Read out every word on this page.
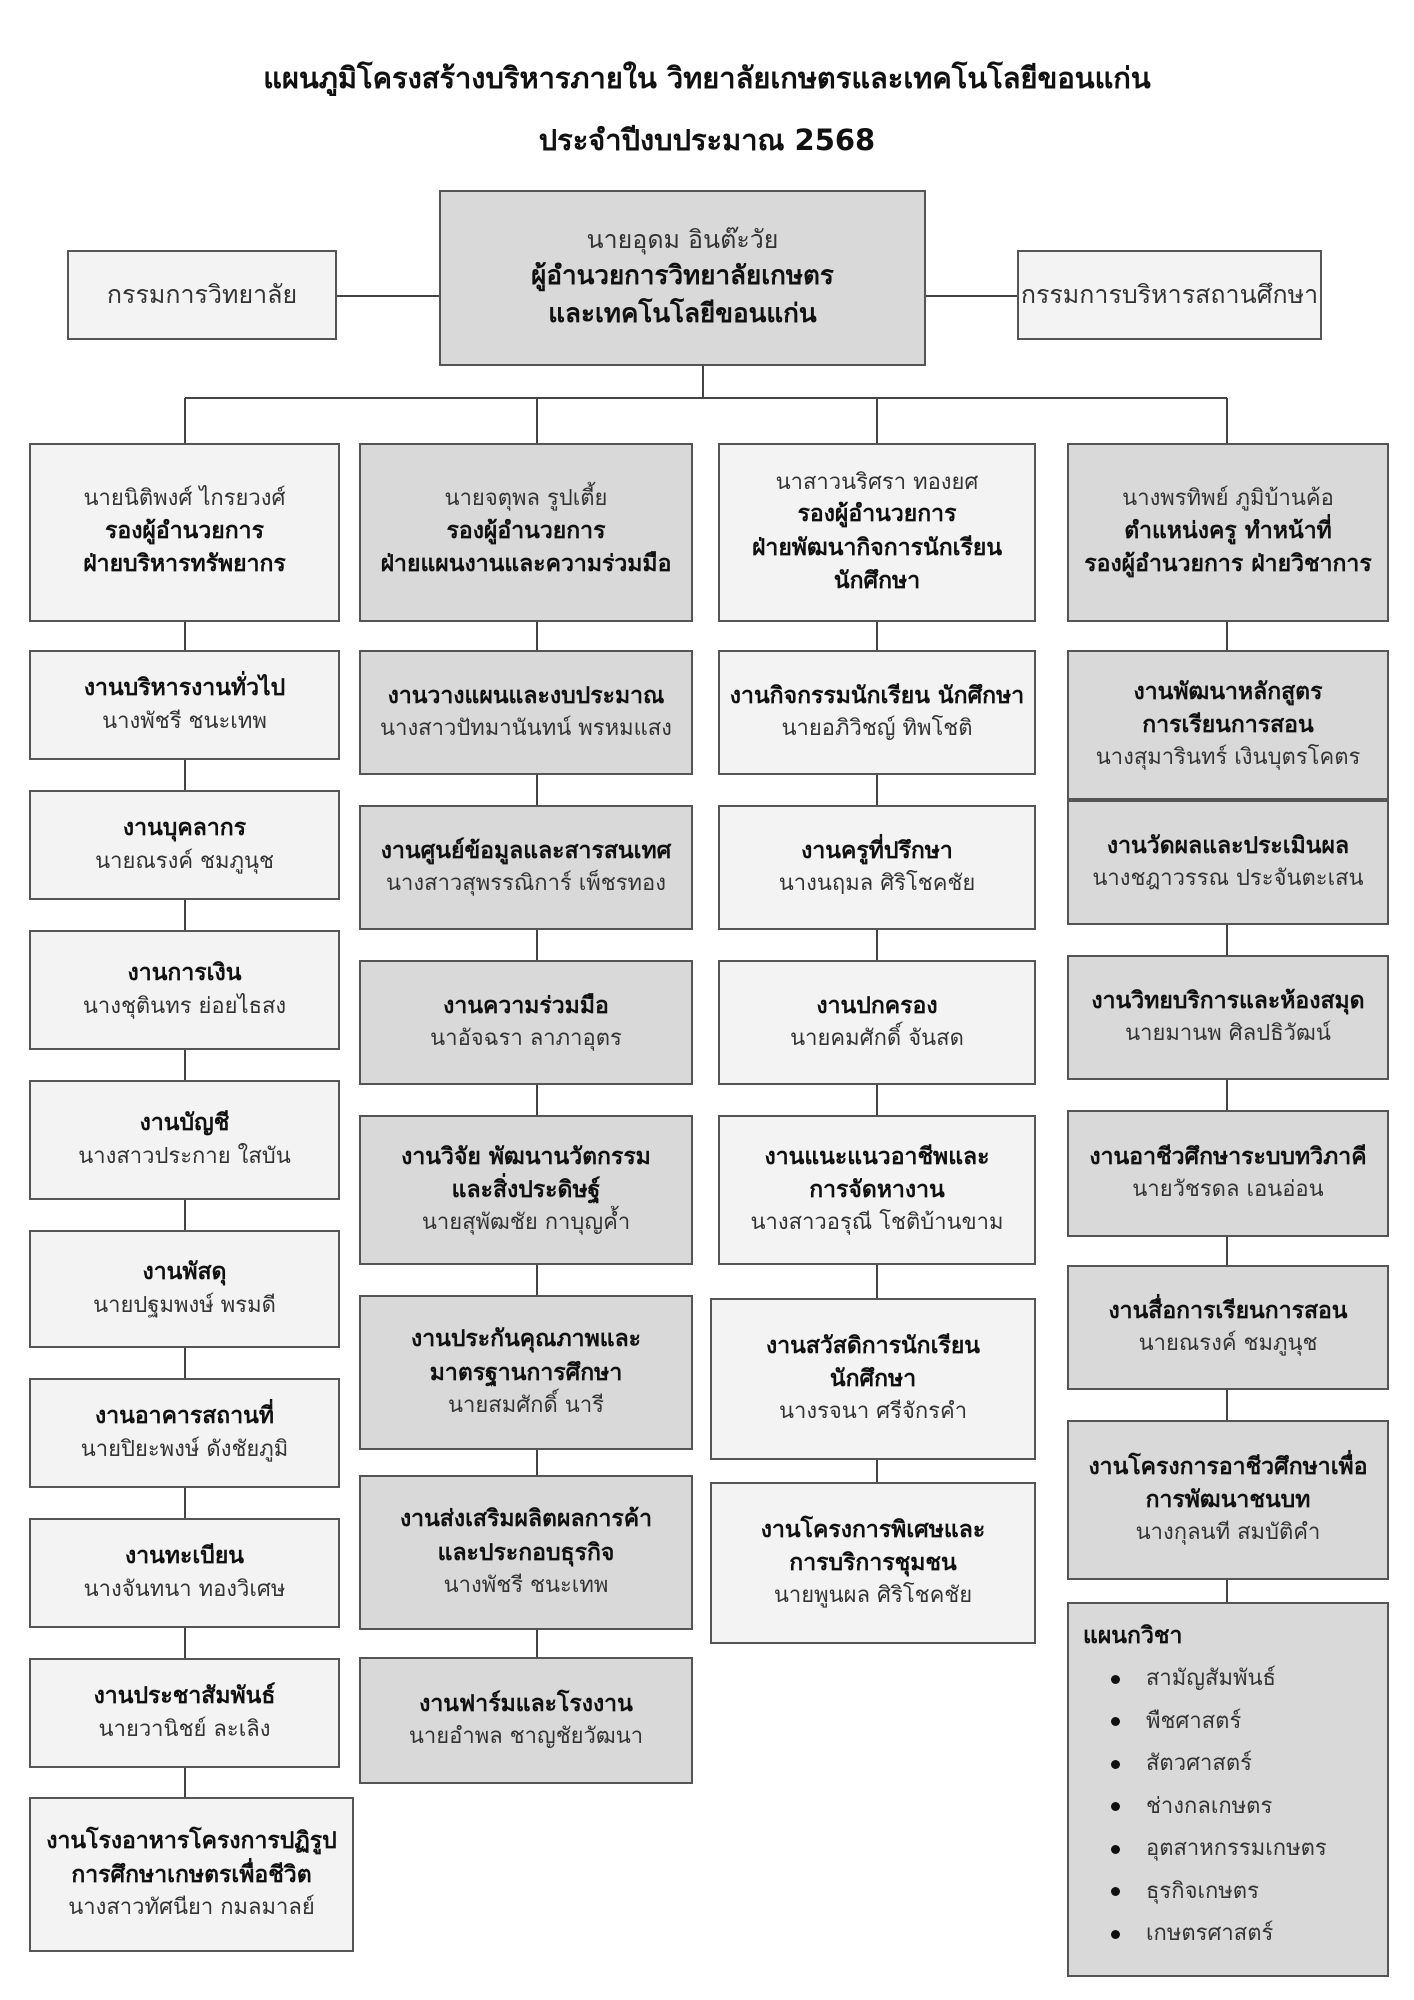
แผนภูมิโครงสร้างบริหารภายใน วิทยาลัยเกษตรและเทคโนโลยีขอนแก่น
ประจำปีงบประมาณ 2568
กรรมการวิทยาลัย
นายอุดม อินต๊ะวัย
ผู้อำนวยการวิทยาลัยเกษตร
และเทคโนโลยีขอนแก่น
กรรมการบริหารสถานศึกษา
นายนิติพงศ์ ไกรยวงศ์
รองผู้อำนวยการ
ฝ่ายบริหารทรัพยากร
นายจตุพล รูปเตี้ย
รองผู้อำนวยการ
ฝ่ายแผนงานและความร่วมมือ
นาสาวนริศรา ทองยศ
รองผู้อำนวยการ
ฝ่ายพัฒนากิจการนักเรียน
นักศึกษา
นางพรทิพย์ ภูมิบ้านค้อ
ตำแหน่งครู ทำหน้าที่
รองผู้อำนวยการ ฝ่ายวิชาการ
งานบริหารงานทั่วไป
นางพัชรี ชนะเทพ
งานบุคลากร
นายณรงค์ ชมภูนุช
งานการเงิน
นางชุตินทร ย่อยไธสง
งานบัญชี
นางสาวประกาย ใสบัน
งานพัสดุ
นายปฐมพงษ์ พรมดี
งานอาคารสถานที่
นายปิยะพงษ์ ดังชัยภูมิ
งานทะเบียน
นางจันทนา ทองวิเศษ
งานประชาสัมพันธ์
นายวานิชย์ ละเลิง
งานโรงอาหารโครงการปฏิรูป
การศึกษาเกษตรเพื่อชีวิต
นางสาวทัศนียา กมลมาลย์
งานวางแผนและงบประมาณ
นางสาวปัทมานันทน์ พรหมแสง
งานศูนย์ข้อมูลและสารสนเทศ
นางสาวสุพรรณิการ์ เพ็ชรทอง
งานความร่วมมือ
นาอัจฉรา ลาภาอุตร
งานวิจัย พัฒนานวัตกรรม
และสิ่งประดิษฐ์
นายสุพัฒชัย กาบุญค้ำ
งานประกันคุณภาพและ
มาตรฐานการศึกษา
นายสมศักดิ์ นารี
งานส่งเสริมผลิตผลการค้า
และประกอบธุรกิจ
นางพัชรี ชนะเทพ
งานฟาร์มและโรงงาน
นายอำพล ชาญชัยวัฒนา
งานกิจกรรมนักเรียน นักศึกษา
นายอภิวิชญ์ ทิพโชติ
งานครูที่ปรึกษา
นางนฤมล ศิริโชคชัย
งานปกครอง
นายคมศักดิ์ จันสด
งานแนะแนวอาชีพและ
การจัดหางาน
นางสาวอรุณี โชติบ้านขาม
งานสวัสดิการนักเรียน
นักศึกษา
นางรจนา ศรีจักรคำ
งานโครงการพิเศษและ
การบริการชุมชน
นายพูนผล ศิริโชคชัย
งานพัฒนาหลักสูตร
การเรียนการสอน
นางสุมารินทร์ เงินบุตรโคตร
งานวัดผลและประเมินผล
นางชฎาวรรณ ประจันตะเสน
งานวิทยบริการและห้องสมุด
นายมานพ ศิลปธิวัฒน์
งานอาชีวศึกษาระบบทวิภาคี
นายวัชรดล เอนอ่อน
งานสื่อการเรียนการสอน
นายณรงค์ ชมภูนุช
งานโครงการอาชีวศึกษาเพื่อ
การพัฒนาชนบท
นางกุลนที สมบัติคำ
แผนกวิชา
สามัญสัมพันธ์
พืชศาสตร์
สัตวศาสตร์
ช่างกลเกษตร
อุตสาหกรรมเกษตร
ธุรกิจเกษตร
เกษตรศาสตร์
